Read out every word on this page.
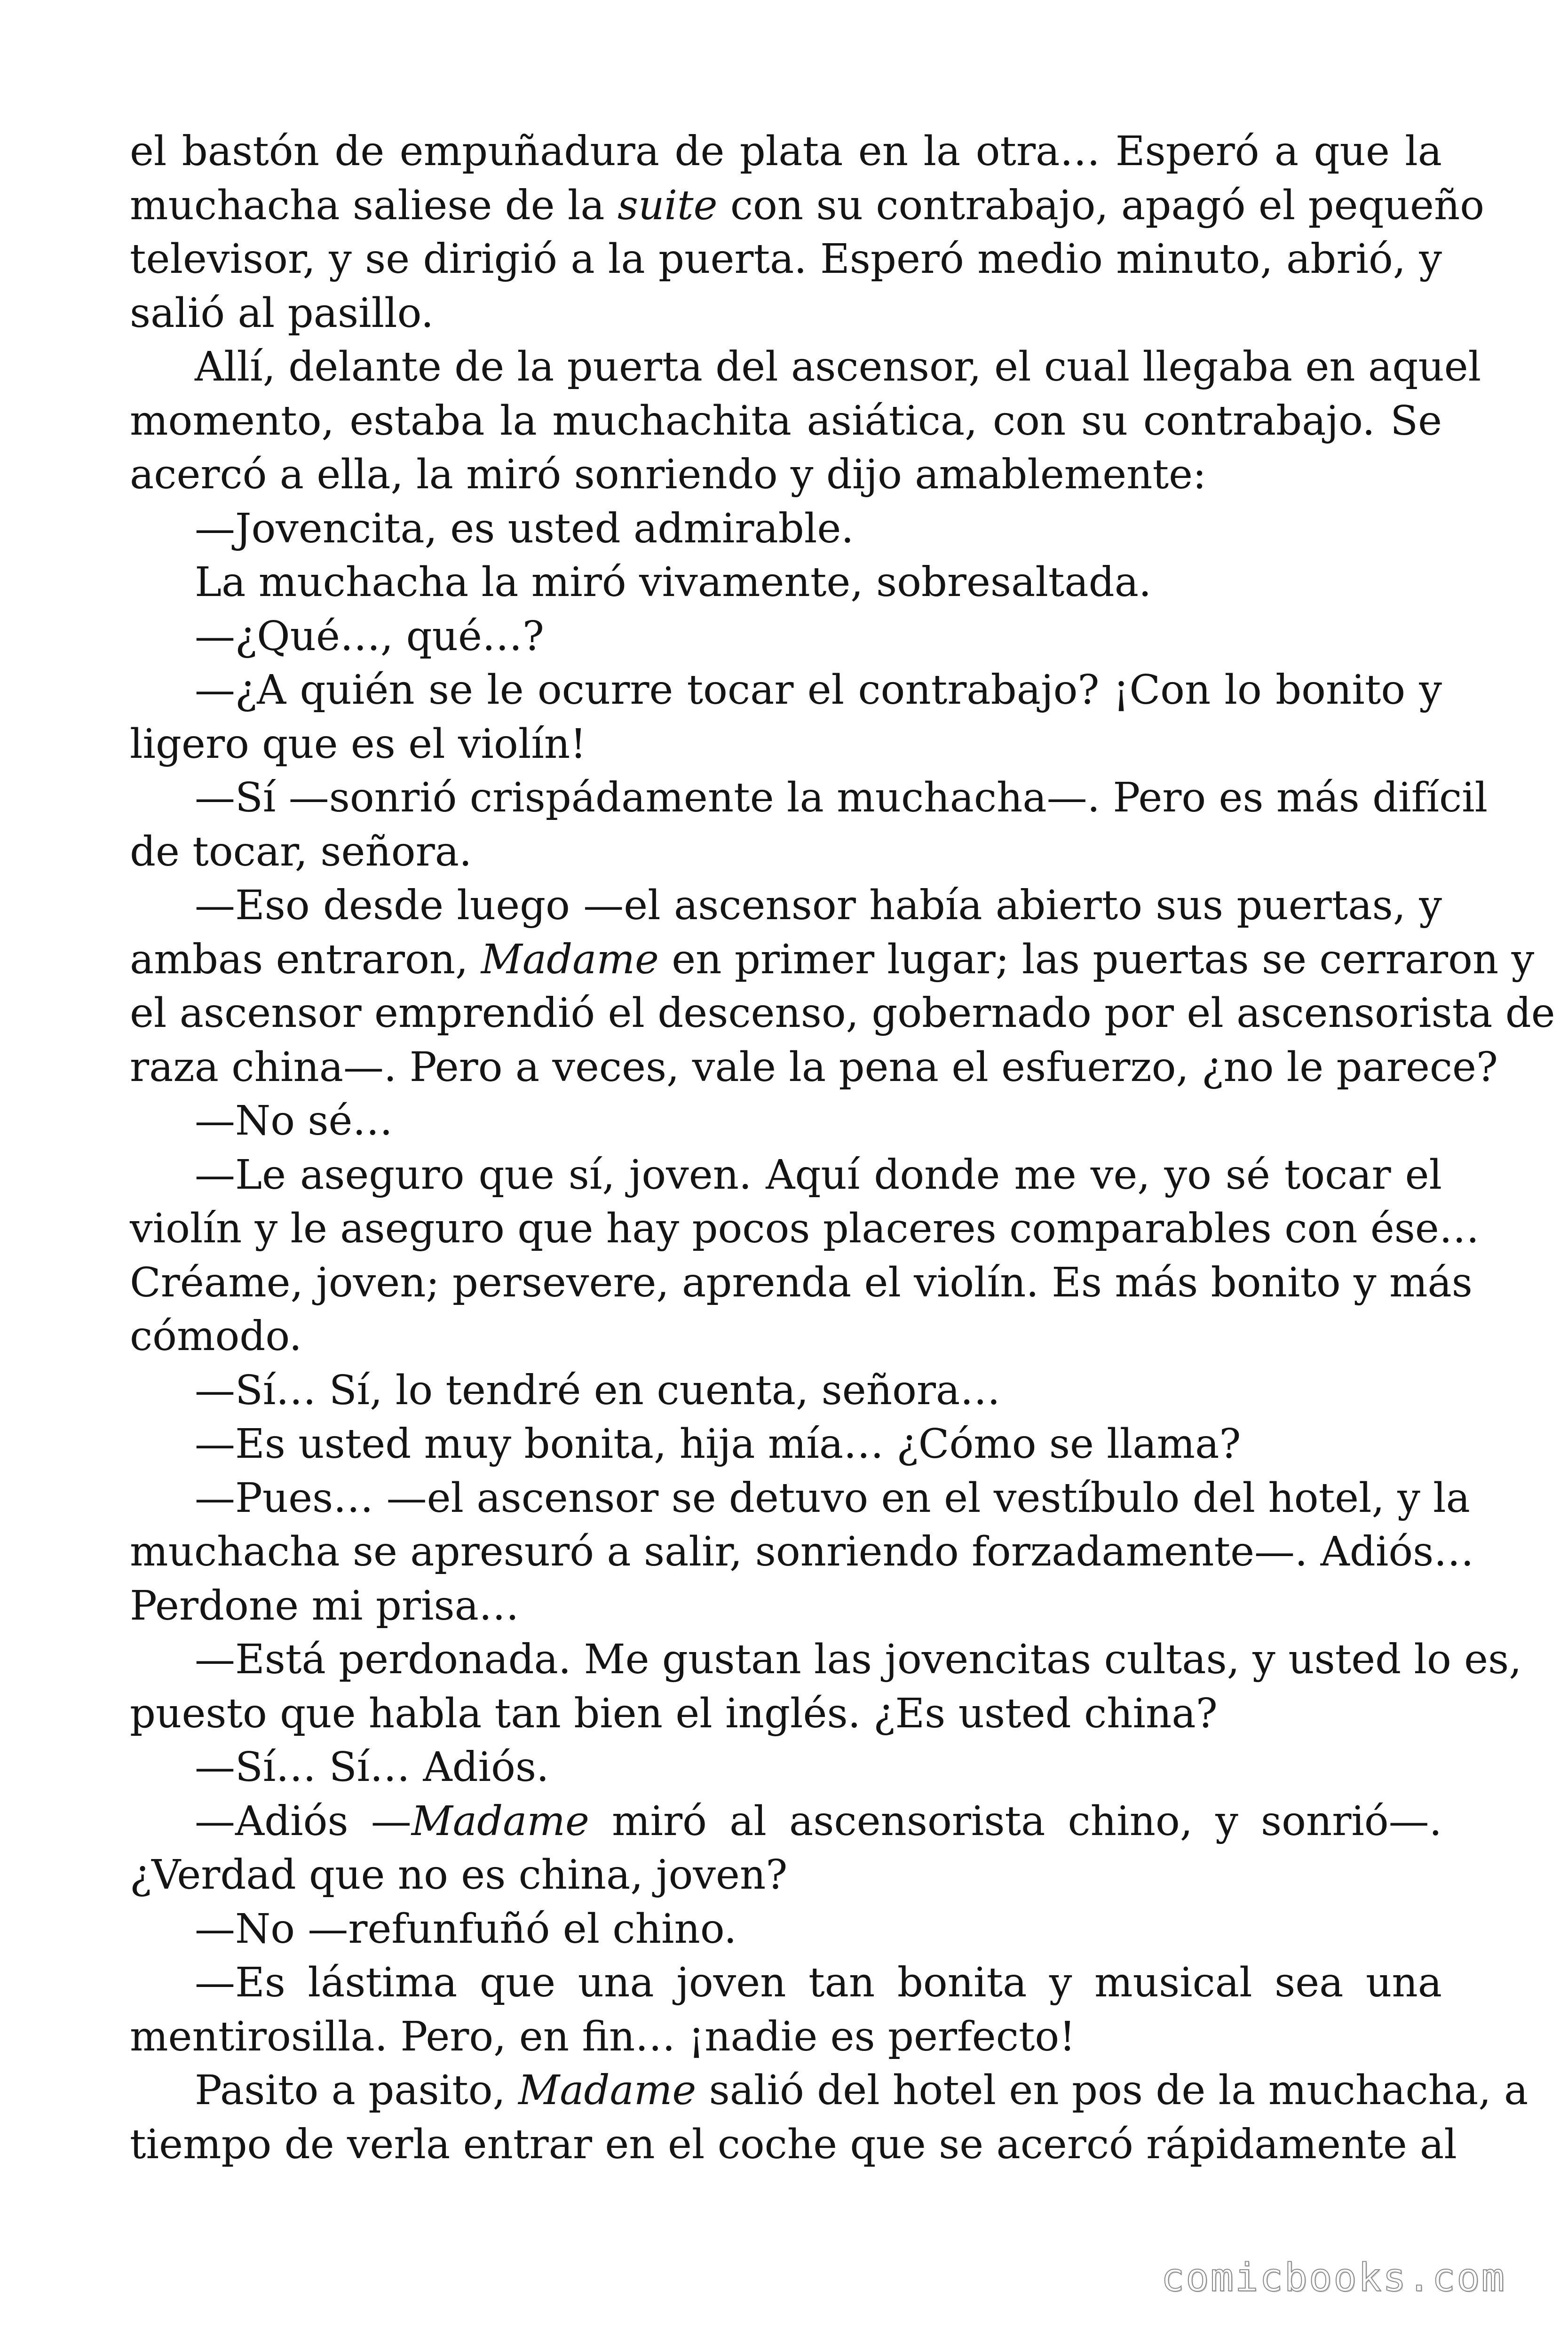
el bastón de empuñadura de plata en la otra… Esperó a que la
muchacha saliese de la suite con su contrabajo, apagó el pequeño
televisor, y se dirigió a la puerta. Esperó medio minuto, abrió, y
salió al pasillo.
Allí, delante de la puerta del ascensor, el cual llegaba en aquel
momento, estaba la muchachita asiática, con su contrabajo. Se
acercó a ella, la miró sonriendo y dijo amablemente:
—Jovencita, es usted admirable.
La muchacha la miró vivamente, sobresaltada.
—¿Qué…, qué…?
—¿A quién se le ocurre tocar el contrabajo? ¡Con lo bonito y
ligero que es el violín!
—Sí —sonrió crispádamente la muchacha—. Pero es más difícil
de tocar, señora.
—Eso desde luego —el ascensor había abierto sus puertas, y
ambas entraron, Madame en primer lugar; las puertas se cerraron y
el ascensor emprendió el descenso, gobernado por el ascensorista de
raza china—. Pero a veces, vale la pena el esfuerzo, ¿no le parece?
—No sé…
—Le aseguro que sí, joven. Aquí donde me ve, yo sé tocar el
violín y le aseguro que hay pocos placeres comparables con ése…
Créame, joven; persevere, aprenda el violín. Es más bonito y más
cómodo.
—Sí… Sí, lo tendré en cuenta, señora…
—Es usted muy bonita, hija mía… ¿Cómo se llama?
—Pues… —el ascensor se detuvo en el vestíbulo del hotel, y la
muchacha se apresuró a salir, sonriendo forzadamente—. Adiós…
Perdone mi prisa…
—Está perdonada. Me gustan las jovencitas cultas, y usted lo es,
puesto que habla tan bien el inglés. ¿Es usted china?
—Sí… Sí… Adiós.
—Adiós —Madame miró al ascensorista chino, y sonrió—.
¿Verdad que no es china, joven?
—No —refunfuñó el chino.
—Es lástima que una joven tan bonita y musical sea una
mentirosilla. Pero, en fin… ¡nadie es perfecto!
Pasito a pasito, Madame salió del hotel en pos de la muchacha, a
tiempo de verla entrar en el coche que se acercó rápidamente al
comicbooks.com
